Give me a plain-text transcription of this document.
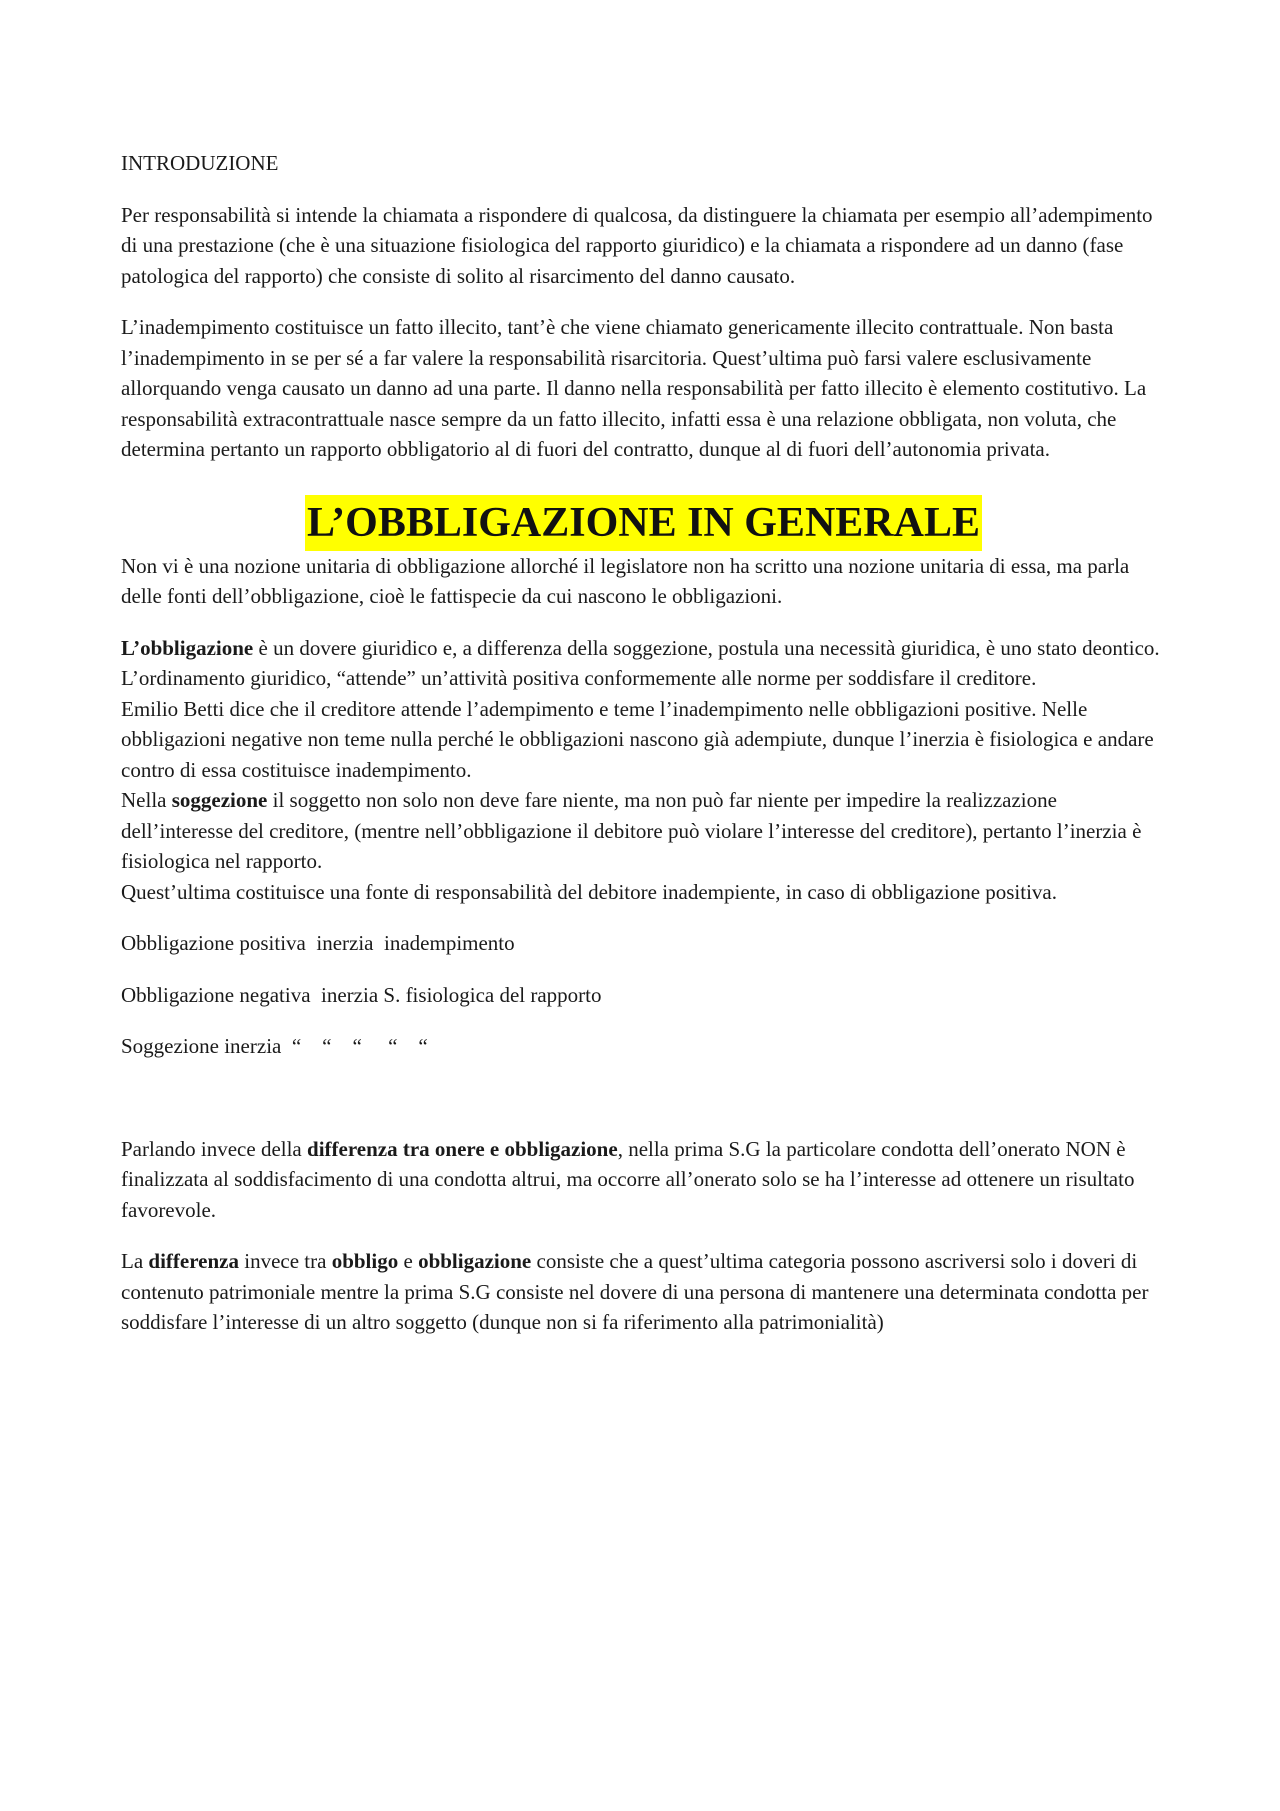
INTRODUZIONE

Per responsabilità si intende la chiamata a rispondere di qualcosa, da distinguere la chiamata per esempio all’adempimento di una prestazione (che è una situazione fisiologica del rapporto giuridico) e la chiamata a rispondere ad un danno (fase patologica del rapporto) che consiste di solito al risarcimento del danno causato.

L’inadempimento costituisce un fatto illecito, tant’è che viene chiamato genericamente illecito contrattuale. Non basta l’inadempimento in se per sé a far valere la responsabilità risarcitoria. Quest’ultima può farsi valere esclusivamente allorquando venga causato un danno ad una parte. Il danno nella responsabilità per fatto illecito è elemento costitutivo. La responsabilità extracontrattuale nasce sempre da un fatto illecito, infatti essa è una relazione obbligata, non voluta, che determina pertanto un rapporto obbligatorio al di fuori del contratto, dunque al di fuori dell’autonomia privata.

L’OBBLIGAZIONE IN GENERALE

Non vi è una nozione unitaria di obbligazione allorché il legislatore non ha scritto una nozione unitaria di essa, ma parla delle fonti dell’obbligazione, cioè le fattispecie da cui nascono le obbligazioni.

L’obbligazione è un dovere giuridico e, a differenza della soggezione, postula una necessità giuridica, è uno stato deontico. L’ordinamento giuridico, “attende” un’attività positiva conformemente alle norme per soddisfare il creditore.

Emilio Betti dice che il creditore attende l’adempimento e teme l’inadempimento nelle obbligazioni positive. Nelle obbligazioni negative non teme nulla perché le obbligazioni nascono già adempiute, dunque l’inerzia è fisiologica e andare contro di essa costituisce inadempimento.

Nella soggezione il soggetto non solo non deve fare niente, ma non può far niente per impedire la realizzazione dell’interesse del creditore, (mentre nell’obbligazione il debitore può violare l’interesse del creditore), pertanto l’inerzia è fisiologica nel rapporto.

Quest’ultima costituisce una fonte di responsabilità del debitore inadempiente, in caso di obbligazione positiva.

Obbligazione positiva  inerzia  inadempimento

Obbligazione negativa  inerzia S. fisiologica del rapporto

Soggezione inerzia  “    “    “     “    “

Parlando invece della differenza tra onere e obbligazione, nella prima S.G la particolare condotta dell’onerato NON è finalizzata al soddisfacimento di una condotta altrui, ma occorre all’onerato solo se ha l’interesse ad ottenere un risultato favorevole.

La differenza invece tra obbligo e obbligazione consiste che a quest’ultima categoria possono ascriversi solo i doveri di contenuto patrimoniale mentre la prima S.G consiste nel dovere di una persona di mantenere una determinata condotta per soddisfare l’interesse di un altro soggetto (dunque non si fa riferimento alla patrimonialità)
